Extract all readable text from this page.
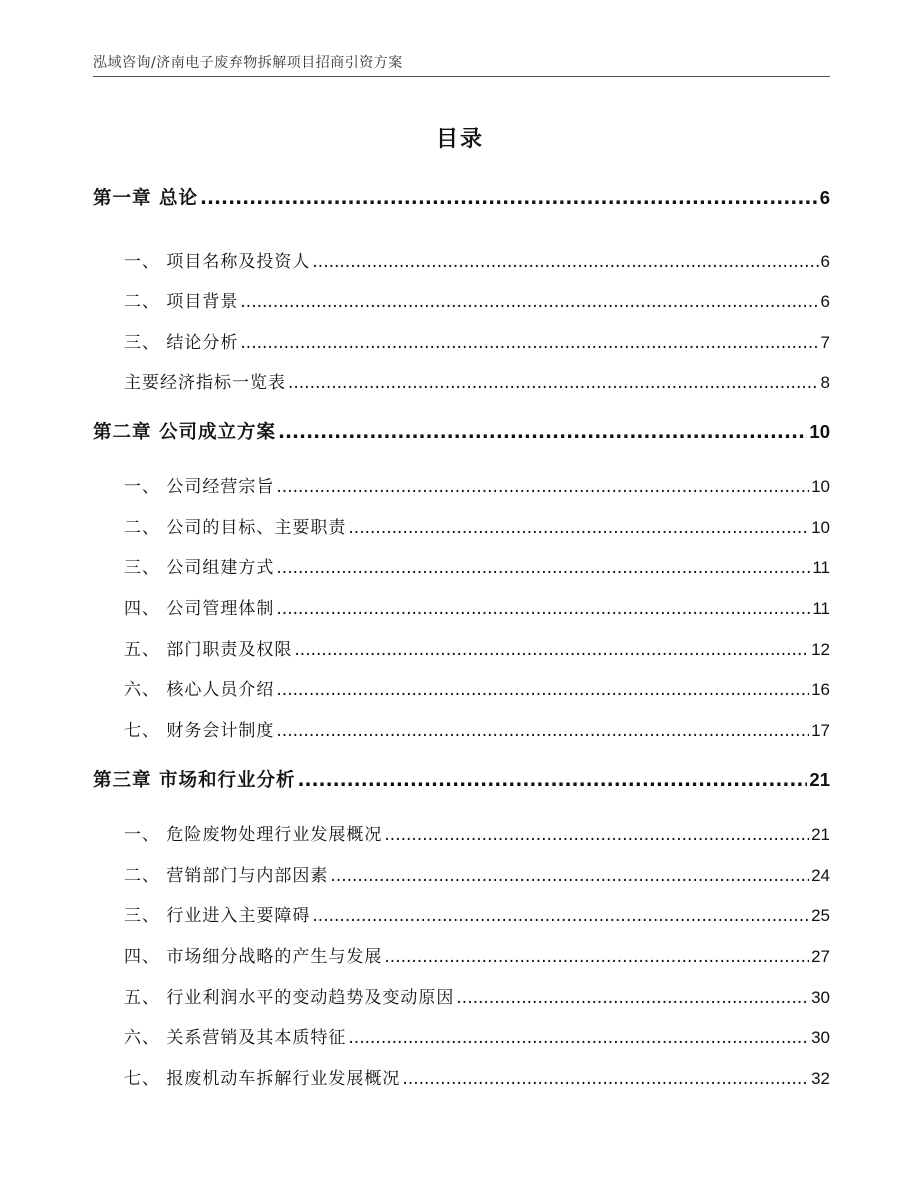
泓域咨询/济南电子废弃物拆解项目招商引资方案
目录
第一章 总论 .....	6
一、 项目名称及投资人 .....	6
二、 项目背景 .....	6
三、 结论分析 .....	7
主要经济指标一览表 .....	8
第二章 公司成立方案 .....	10
一、 公司经营宗旨 .....	10
二、 公司的目标、主要职责 .....	10
三、 公司组建方式 .....	11
四、 公司管理体制 .....	11
五、 部门职责及权限 .....	12
六、 核心人员介绍 .....	16
七、 财务会计制度 .....	17
第三章 市场和行业分析 .....	21
一、 危险废物处理行业发展概况 .....	21
二、 营销部门与内部因素 .....	24
三、 行业进入主要障碍 .....	25
四、 市场细分战略的产生与发展 .....	27
五、 行业利润水平的变动趋势及变动原因 .....	30
六、 关系营销及其本质特征 .....	30
七、 报废机动车拆解行业发展概况 .....	32
